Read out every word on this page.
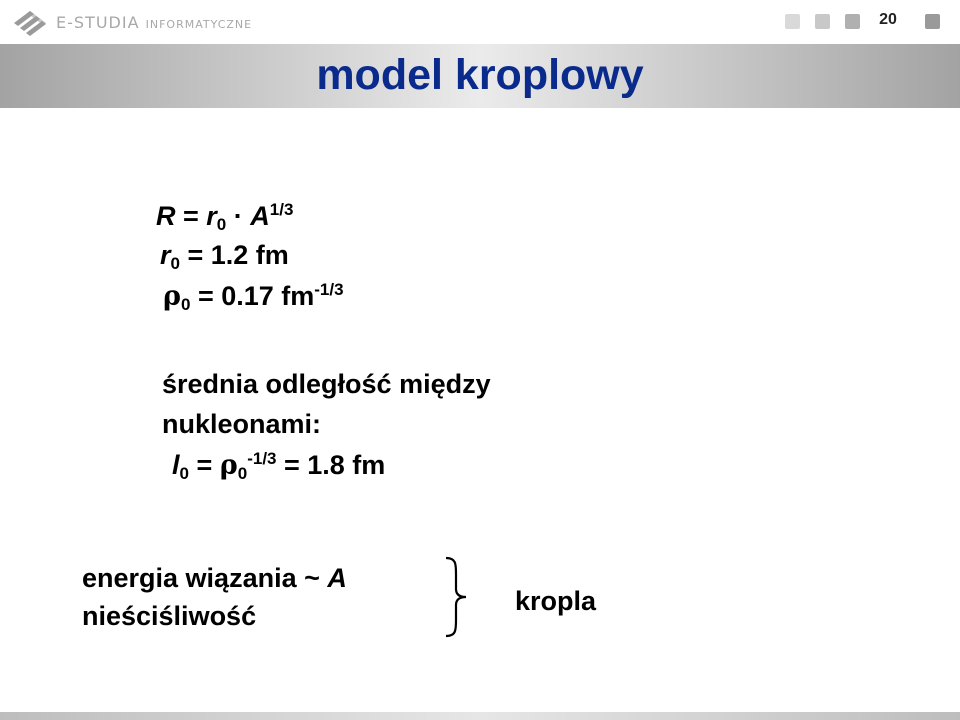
E-STUDIA INFORMATYCZNE	20
model kroplowy
$R = r_0 \cdot A^{1/3}$
$r_0 = 1.2$ fm
$\rho_0 = 0.17$ $fm^{-1/3}$
średnia odległość między
nukleonami:
$l_0 = \rho_0^{-1/3} = 1.8$ fm
energia wiązania ~ A
nieściśliwość	kropla
